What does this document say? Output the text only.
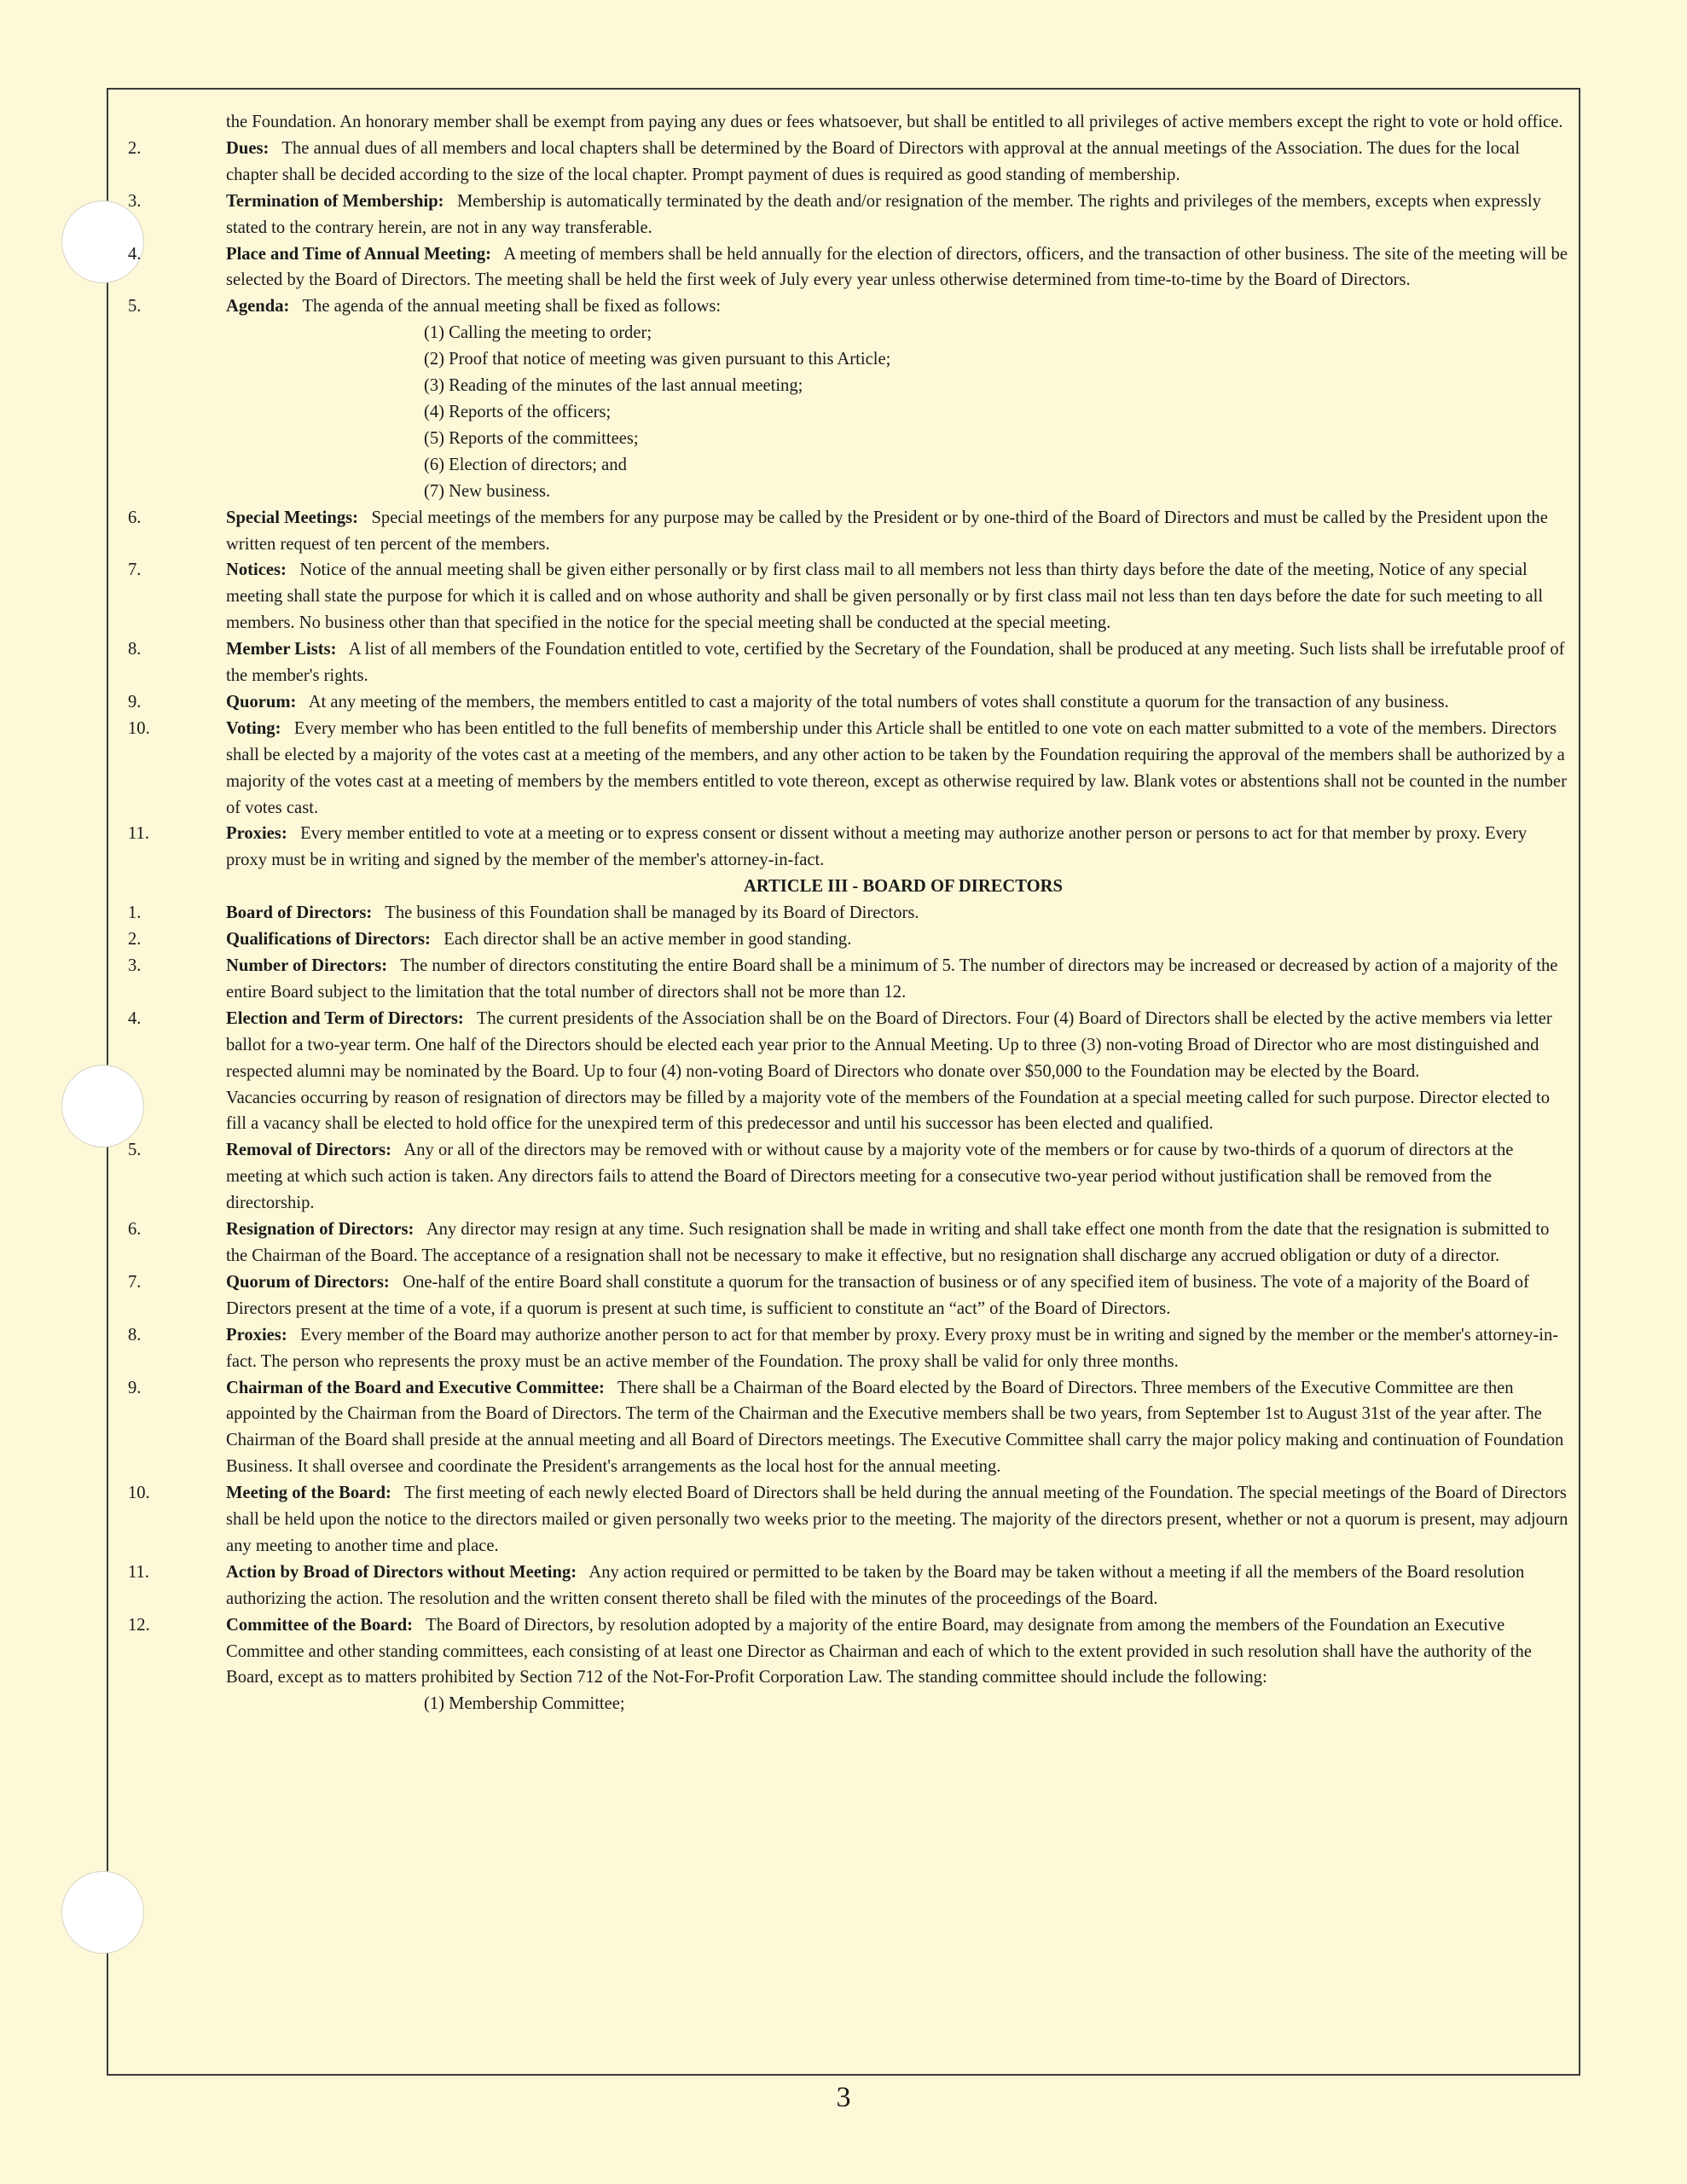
the Foundation. An honorary member shall be exempt from paying any dues or fees whatsoever, but shall be entitled to all privileges of active members except the right to vote or hold office.
2.	Dues: The annual dues of all members and local chapters shall be determined by the Board of Directors with approval at the annual meetings of the Association. The dues for the local chapter shall be decided according to the size of the local chapter. Prompt payment of dues is required as good standing of membership.
3.	Termination of Membership: Membership is automatically terminated by the death and/or resignation of the member. The rights and privileges of the members, excepts when expressly stated to the contrary herein, are not in any way transferable.
4.	Place and Time of Annual Meeting: A meeting of members shall be held annually for the election of directors, officers, and the transaction of other business. The site of the meeting will be selected by the Board of Directors. The meeting shall be held the first week of July every year unless otherwise determined from time-to-time by the Board of Directors.
5.	Agenda: The agenda of the annual meeting shall be fixed as follows:
(1) Calling the meeting to order;
(2) Proof that notice of meeting was given pursuant to this Article;
(3) Reading of the minutes of the last annual meeting;
(4) Reports of the officers;
(5) Reports of the committees;
(6) Election of directors; and
(7) New business.
6.	Special Meetings: Special meetings of the members for any purpose may be called by the President or by one-third of the Board of Directors and must be called by the President upon the written request of ten percent of the members.
7.	Notices: Notice of the annual meeting shall be given either personally or by first class mail to all members not less than thirty days before the date of the meeting, Notice of any special meeting shall state the purpose for which it is called and on whose authority and shall be given personally or by first class mail not less than ten days before the date for such meeting to all members. No business other than that specified in the notice for the special meeting shall be conducted at the special meeting.
8.	Member Lists: A list of all members of the Foundation entitled to vote, certified by the Secretary of the Foundation, shall be produced at any meeting. Such lists shall be irrefutable proof of the member's rights.
9.	Quorum: At any meeting of the members, the members entitled to cast a majority of the total numbers of votes shall constitute a quorum for the transaction of any business.
10.	Voting: Every member who has been entitled to the full benefits of membership under this Article shall be entitled to one vote on each matter submitted to a vote of the members. Directors shall be elected by a majority of the votes cast at a meeting of the members, and any other action to be taken by the Foundation requiring the approval of the members shall be authorized by a majority of the votes cast at a meeting of members by the members entitled to vote thereon, except as otherwise required by law. Blank votes or abstentions shall not be counted in the number of votes cast.
11.	Proxies: Every member entitled to vote at a meeting or to express consent or dissent without a meeting may authorize another person or persons to act for that member by proxy. Every proxy must be in writing and signed by the member of the member's attorney-in-fact.
ARTICLE III - BOARD OF DIRECTORS
1.	Board of Directors: The business of this Foundation shall be managed by its Board of Directors.
2.	Qualifications of Directors: Each director shall be an active member in good standing.
3.	Number of Directors: The number of directors constituting the entire Board shall be a minimum of 5. The number of directors may be increased or decreased by action of a majority of the entire Board subject to the limitation that the total number of directors shall not be more than 12.
4.	Election and Term of Directors: The current presidents of the Association shall be on the Board of Directors. Four (4) Board of Directors shall be elected by the active members via letter ballot for a two-year term. One half of the Directors should be elected each year prior to the Annual Meeting. Up to three (3) non-voting Broad of Director who are most distinguished and respected alumni may be nominated by the Board. Up to four (4) non-voting Board of Directors who donate over $50,000 to the Foundation may be elected by the Board.
Vacancies occurring by reason of resignation of directors may be filled by a majority vote of the members of the Foundation at a special meeting called for such purpose. Director elected to fill a vacancy shall be elected to hold office for the unexpired term of this predecessor and until his successor has been elected and qualified.
5.	Removal of Directors: Any or all of the directors may be removed with or without cause by a majority vote of the members or for cause by two-thirds of a quorum of directors at the meeting at which such action is taken. Any directors fails to attend the Board of Directors meeting for a consecutive two-year period without justification shall be removed from the directorship.
6.	Resignation of Directors: Any director may resign at any time. Such resignation shall be made in writing and shall take effect one month from the date that the resignation is submitted to the Chairman of the Board. The acceptance of a resignation shall not be necessary to make it effective, but no resignation shall discharge any accrued obligation or duty of a director.
7.	Quorum of Directors: One-half of the entire Board shall constitute a quorum for the transaction of business or of any specified item of business. The vote of a majority of the Board of Directors present at the time of a vote, if a quorum is present at such time, is sufficient to constitute an “act” of the Board of Directors.
8.	Proxies: Every member of the Board may authorize another person to act for that member by proxy. Every proxy must be in writing and signed by the member or the member's attorney-in-fact. The person who represents the proxy must be an active member of the Foundation. The proxy shall be valid for only three months.
9.	Chairman of the Board and Executive Committee: There shall be a Chairman of the Board elected by the Board of Directors. Three members of the Executive Committee are then appointed by the Chairman from the Board of Directors. The term of the Chairman and the Executive members shall be two years, from September 1st to August 31st of the year after. The Chairman of the Board shall preside at the annual meeting and all Board of Directors meetings. The Executive Committee shall carry the major policy making and continuation of Foundation Business. It shall oversee and coordinate the President's arrangements as the local host for the annual meeting.
10.	Meeting of the Board: The first meeting of each newly elected Board of Directors shall be held during the annual meeting of the Foundation. The special meetings of the Board of Directors shall be held upon the notice to the directors mailed or given personally two weeks prior to the meeting. The majority of the directors present, whether or not a quorum is present, may adjourn any meeting to another time and place.
11.	Action by Broad of Directors without Meeting: Any action required or permitted to be taken by the Board may be taken without a meeting if all the members of the Board resolution authorizing the action. The resolution and the written consent thereto shall be filed with the minutes of the proceedings of the Board.
12.	Committee of the Board: The Board of Directors, by resolution adopted by a majority of the entire Board, may designate from among the members of the Foundation an Executive Committee and other standing committees, each consisting of at least one Director as Chairman and each of which to the extent provided in such resolution shall have the authority of the Board, except as to matters prohibited by Section 712 of the Not-For-Profit Corporation Law. The standing committee should include the following:
(1) Membership Committee;
3
